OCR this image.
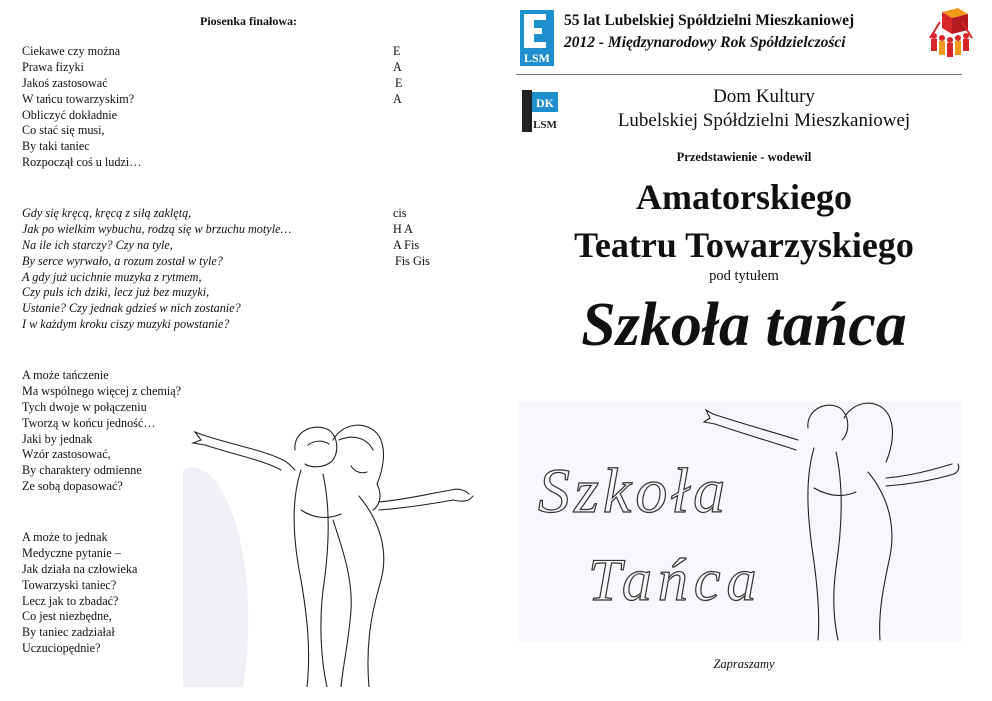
Piosenka finałowa:
Ciekawe czy można
Prawa fizyki
Jakoś zastosować
W tańcu towarzyskim?
Obliczyć dokładnie
Co stać się musi,
By taki taniec
Rozpoczął coś u ludzi…
E
A
E
A
Gdy się kręcą, kręcą z siłą zaklętą,
Jak po wielkim wybuchu, rodzą się w brzuchu motyle…
Na ile ich starczy? Czy na tyle,
By serce wyrwało, a rozum został w tyle?
A gdy już ucichnie muzyka z rytmem,
Czy puls ich dziki, lecz już bez muzyki,
Ustanie? Czy jednak gdzieś w nich zostanie?
I w każdym kroku ciszy muzyki powstanie?
cis
H A
A Fis
Fis Gis
A może tańczenie
Ma wspólnego więcej z chemią?
Tych dwoje w połączeniu
Tworzą w końcu jedność…
Jaki by jednak
Wzór zastosować,
By charaktery odmienne
Ze sobą dopasować?
A może to jednak
Medyczne pytanie –
Jak działa na człowieka
Towarzyski taniec?
Lecz jak to zbadać?
Co jest niezbędne,
By taniec zadziałał
Uczuciopędnie?
LSM
55 lat Lubelskiej Spółdzielni Mieszkaniowej
2012 - Międzynarodowy Rok Spółdzielczości
DK
LSM
Dom Kultury
Lubelskiej Spółdzielni Mieszkaniowej
Przedstawienie - wodewil
Amatorskiego
Teatru Towarzyskiego
pod tytułem
Szkoła tańca
Szkoła
Tańca
Zapraszamy
